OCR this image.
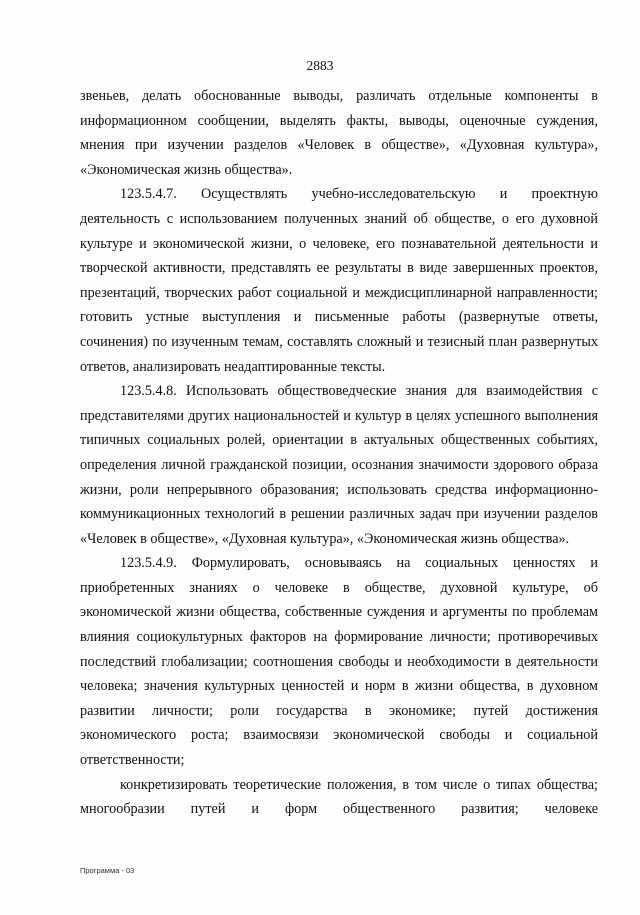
2883

звеньев, делать обоснованные выводы, различать отдельные компоненты в информационном сообщении, выделять факты, выводы, оценочные суждения, мнения при изучении разделов «Человек в обществе», «Духовная культура», «Экономическая жизнь общества».

123.5.4.7. Осуществлять учебно-исследовательскую и проектную деятельность с использованием полученных знаний об обществе, о его духовной культуре и экономической жизни, о человеке, его познавательной деятельности и творческой активности, представлять ее результаты в виде завершенных проектов, презентаций, творческих работ социальной и междисциплинарной направленности; готовить устные выступления и письменные работы (развернутые ответы, сочинения) по изученным темам, составлять сложный и тезисный план развернутых ответов, анализировать неадаптированные тексты.

123.5.4.8. Использовать обществоведческие знания для взаимодействия с представителями других национальностей и культур в целях успешного выполнения типичных социальных ролей, ориентации в актуальных общественных событиях, определения личной гражданской позиции, осознания значимости здорового образа жизни, роли непрерывного образования; использовать средства информационно-коммуникационных технологий в решении различных задач при изучении разделов «Человек в обществе», «Духовная культура», «Экономическая жизнь общества».

123.5.4.9. Формулировать, основываясь на социальных ценностях и приобретенных знаниях о человеке в обществе, духовной культуре, об экономической жизни общества, собственные суждения и аргументы по проблемам влияния социокультурных факторов на формирование личности; противоречивых последствий глобализации; соотношения свободы и необходимости в деятельности человека; значения культурных ценностей и норм в жизни общества, в духовном развитии личности; роли государства в экономике; путей достижения экономического роста; взаимосвязи экономической свободы и социальной ответственности;

конкретизировать теоретические положения, в том числе о типах общества; многообразии путей и форм общественного развития; человеке

Программа - 03
